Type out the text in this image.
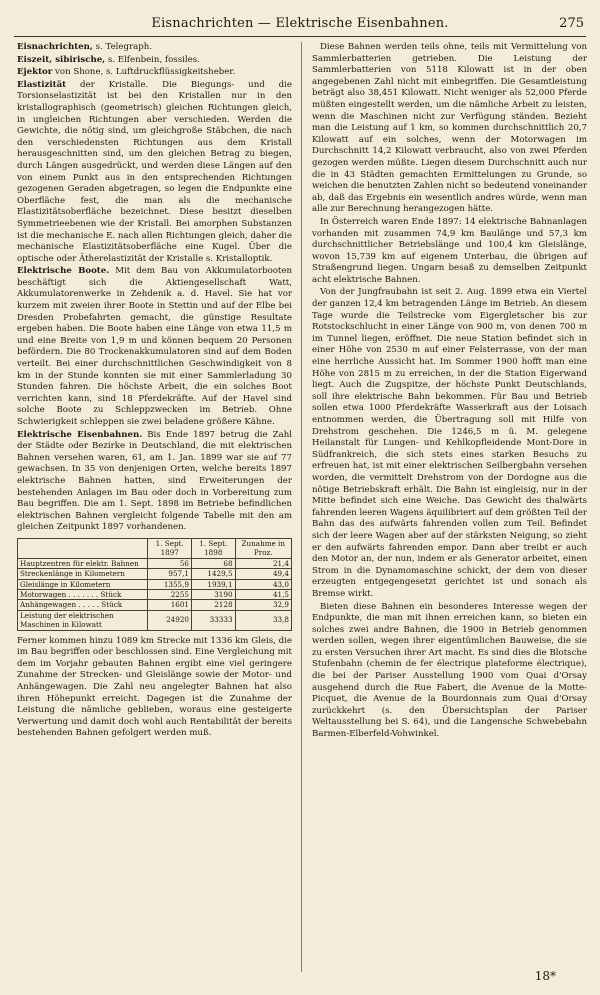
Eisnachrichten — Elektrische Eisenbahnen.	275

Eisnachrichten, s. Telegraph.

Eiszeit, sibirische, s. Elfenbein, fossiles.

Ejektor von Shone, s. Luftdruckflüssigkeitsheber.

Elastizität der Kristalle. Die Biegungs- und die Torsionselastizität ist bei den Kristallen nur in den kristallographisch (geometrisch) gleichen Richtungen gleich, in ungleichen Richtungen aber verschieden. Werden die Gewichte, die nötig sind, um gleichgroße Stäbchen, die nach den verschiedensten Richtungen aus dem Kristall herausgeschnitten sind, um den gleichen Betrag zu biegen, durch Längen ausgedrückt, und werden diese Längen auf den von einem Punkt aus in den entsprechenden Richtungen gezogenen Geraden abgetragen, so legen die Endpunkte eine Oberfläche fest, die man als die mechanische Elastizitätsoberfläche bezeichnet. Diese besitzt dieselben Symmetrieebenen wie der Kristall. Bei amorphen Substanzen ist die mechanische E. nach allen Richtungen gleich, daher die mechanische Elastizitätsoberfläche eine Kugel. Über die optische oder Ätherelastizität der Kristalle s. Kristalloptik.

Elektrische Boote. Mit dem Bau von Akkumulatorbooten beschäftigt sich die Aktiengesellschaft Watt, Akkumulatorenwerke in Zehdenik a. d. Havel. Sie hat vor kurzem mit zweien ihrer Boote in Stettin und auf der Elbe bei Dresden Probefahrten gemacht, die günstige Resultate ergeben haben. Die Boote haben eine Länge von etwa 11,5 m und eine Breite von 1,9 m und können bequem 20 Personen befördern. Die 80 Trockenakkumulatoren sind auf dem Boden verteilt. Bei einer durchschnittlichen Geschwindigkeit von 8 km in der Stunde konnten sie mit einer Sammlerladung 30 Stunden fahren. Die höchste Arbeit, die ein solches Boot verrichten kann, sind 18 Pferdekräfte. Auf der Havel sind solche Boote zu Schleppzwecken im Betrieb. Ohne Schwierigkeit schleppen sie zwei beladene größere Kähne.

Elektrische Eisenbahnen. Bis Ende 1897 betrug die Zahl der Städte oder Bezirke in Deutschland, die mit elektrischen Bahnen versehen waren, 61, am 1. Jan. 1899 war sie auf 77 gewachsen. In 35 von denjenigen Orten, welche bereits 1897 elektrische Bahnen hatten, sind Erweiterungen der bestehenden Anlagen im Bau oder doch in Vorbereitung zum Bau begriffen. Die am 1. Sept. 1898 im Betriebe befindlichen elektrischen Bahnen vergleicht folgende Tabelle mit den am gleichen Zeitpunkt 1897 vorhandenen.

	1. Sept. 1897	1. Sept. 1898	Zunahme in Proz.
Hauptzentren für elektr. Bahnen	56	68	21,4
Streckenlänge in Kilometern	957,1	1429,5	49,4
Gleislänge in Kilometern	1355,9	1939,1	43,0
Motorwagen . . . . . . . Stück	2255	3190	41,5
Anhängewagen . . . . . Stück	1601	2128	32,9
Leistung der elektrischen Maschinen in Kilowatt	24920	33333	33,8

Ferner kommen hinzu 1089 km Strecke mit 1336 km Gleis, die im Bau begriffen oder beschlossen sind. Eine Vergleichung mit dem im Vorjahr gebauten Bahnen ergibt eine viel geringere Zunahme der Strecken- und Gleislänge sowie der Motor- und Anhängewagen. Die Zahl neu angelegter Bahnen hat also ihren Höhepunkt erreicht. Dagegen ist die Zunahme der Leistung die nämliche geblieben, woraus eine gesteigerte Verwertung und damit doch wohl auch Rentabilität der bereits bestehenden Bahnen gefolgert werden muß.

Diese Bahnen werden teils ohne, teils mit Vermittelung von Sammlerbatterien getrieben. Die Leistung der Sammlerbatterien von 5118 Kilowatt ist in der oben angegebenen Zahl nicht mit einbegriffen. Die Gesamtleistung beträgt also 38,451 Kilowatt. Nicht weniger als 52,000 Pferde müßten eingestellt werden, um die nämliche Arbeit zu leisten, wenn die Maschinen nicht zur Verfügung ständen. Bezieht man die Leistung auf 1 km, so kommen durchschnittlich 20,7 Kilowatt auf ein solches, wenn der Motorwagen im Durchschnitt 14,2 Kilowatt verbraucht, also von zwei Pferden gezogen werden müßte. Liegen diesem Durchschnitt auch nur die in 43 Städten gemachten Ermittelungen zu Grunde, so weichen die benutzten Zahlen nicht so bedeutend voneinander ab, daß das Ergebnis ein wesentlich andres würde, wenn man alle zur Berechnung herangezogen hätte.

In Österreich waren Ende 1897: 14 elektrische Bahnanlagen vorhanden mit zusammen 74,9 km Baulänge und 57,3 km durchschnittlicher Betriebslänge und 100,4 km Gleislänge, wovon 15,739 km auf eigenem Unterbau, die übrigen auf Straßengrund liegen. Ungarn besaß zu demselben Zeitpunkt acht elektrische Bahnen.

Von der Jungfraubahn ist seit 2. Aug. 1899 etwa ein Viertel der ganzen 12,4 km betragenden Länge im Betrieb. An diesem Tage wurde die Teilstrecke vom Eigergletscher bis zur Rotstockschlucht in einer Länge von 900 m, von denen 700 m im Tunnel liegen, eröffnet. Die neue Station befindet sich in einer Höhe von 2530 m auf einer Felsterrasse, von der man eine herrliche Aussicht hat. Im Sommer 1900 hofft man eine Höhe von 2815 m zu erreichen, in der die Station Eigerwand liegt. Auch die Zugspitze, der höchste Punkt Deutschlands, soll ihre elektrische Bahn bekommen. Für Bau und Betrieb sollen etwa 1000 Pferdekräfte Wasserkraft aus der Loisach entnommen werden, die Übertragung soll mit Hilfe von Drehstrom geschehen. Die 1246,5 m ü. M. gelegene Heilanstalt für Lungen- und Kehlkopfleidende Mont-Dore in Südfrankreich, die sich stets eines starken Besuchs zu erfreuen hat, ist mit einer elektrischen Seilbergbahn versehen worden, die vermittelt Drehstrom von der Dordogne aus die nötige Betriebskraft erhält. Die Bahn ist eingleisig, nur in der Mitte befindet sich eine Weiche. Das Gewicht des thalwärts fahrenden leeren Wagens äquilibriert auf dem größten Teil der Bahn das des aufwärts fahrenden vollen zum Teil. Befindet sich der leere Wagen aber auf der stärksten Neigung, so zieht er den aufwärts fahrenden empor. Dann aber treibt er auch den Motor an, der nun, indem er als Generator arbeitet, einen Strom in die Dynamomaschine schickt, der dem von dieser erzeugten entgegengesetzt gerichtet ist und sonach als Bremse wirkt.

Bieten diese Bahnen ein besonderes Interesse wegen der Endpunkte, die man mit ihnen erreichen kann, so bieten ein solches zwei andre Bahnen, die 1900 in Betrieb genommen werden sollen, wegen ihrer eigentümlichen Bauweise, die sie zu ersten Versuchen ihrer Art macht. Es sind dies die Blotsche Stufenbahn (chemin de fer électrique plateforme électrique), die bei der Pariser Ausstellung 1900 vom Quai d'Orsay ausgehend durch die Rue Fabert, die Avenue de la Motte-Picquet, die Avenue de la Bourdonnais zum Quai d'Orsay zurückkehrt (s. den Übersichtsplan der Pariser Weltausstellung bei S. 64), und die Langensche Schwebebahn Barmen-Elberfeld-Vohwinkel.

18*
